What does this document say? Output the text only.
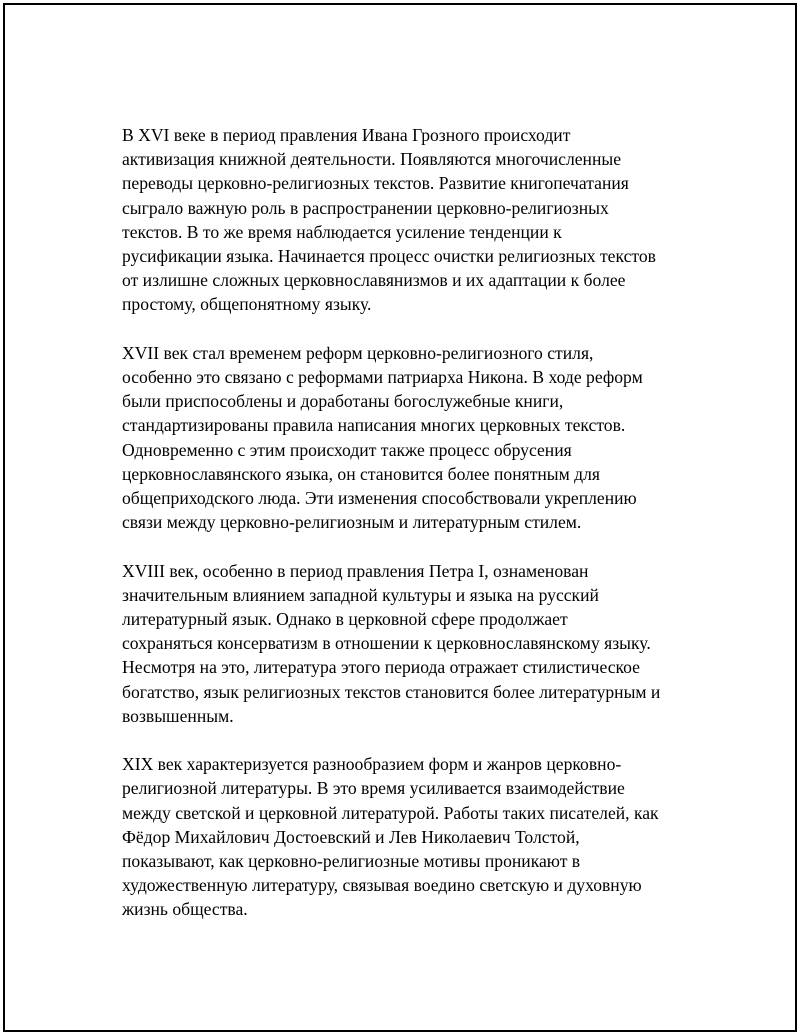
В XVI веке в период правления Ивана Грозного происходит
активизация книжной деятельности. Появляются многочисленные
переводы церковно-религиозных текстов. Развитие книгопечатания
сыграло важную роль в распространении церковно-религиозных
текстов. В то же время наблюдается усиление тенденции к
русификации языка. Начинается процесс очистки религиозных текстов
от излишне сложных церковнославянизмов и их адаптации к более
простому, общепонятному языку.

XVII век стал временем реформ церковно-религиозного стиля,
особенно это связано с реформами патриарха Никона. В ходе реформ
были приспособлены и доработаны богослужебные книги,
стандартизированы правила написания многих церковных текстов.
Одновременно с этим происходит также процесс обрусения
церковнославянского языка, он становится более понятным для
общеприходского люда. Эти изменения способствовали укреплению
связи между церковно-религиозным и литературным стилем.

XVIII век, особенно в период правления Петра I, ознаменован
значительным влиянием западной культуры и языка на русский
литературный язык. Однако в церковной сфере продолжает
сохраняться консерватизм в отношении к церковнославянскому языку.
Несмотря на это, литература этого периода отражает стилистическое
богатство, язык религиозных текстов становится более литературным и
возвышенным.

XIX век характеризуется разнообразием форм и жанров церковно-
религиозной литературы. В это время усиливается взаимодействие
между светской и церковной литературой. Работы таких писателей, как
Фёдор Михайлович Достоевский и Лев Николаевич Толстой,
показывают, как церковно-религиозные мотивы проникают в
художественную литературу, связывая воедино светскую и духовную
жизнь общества.
